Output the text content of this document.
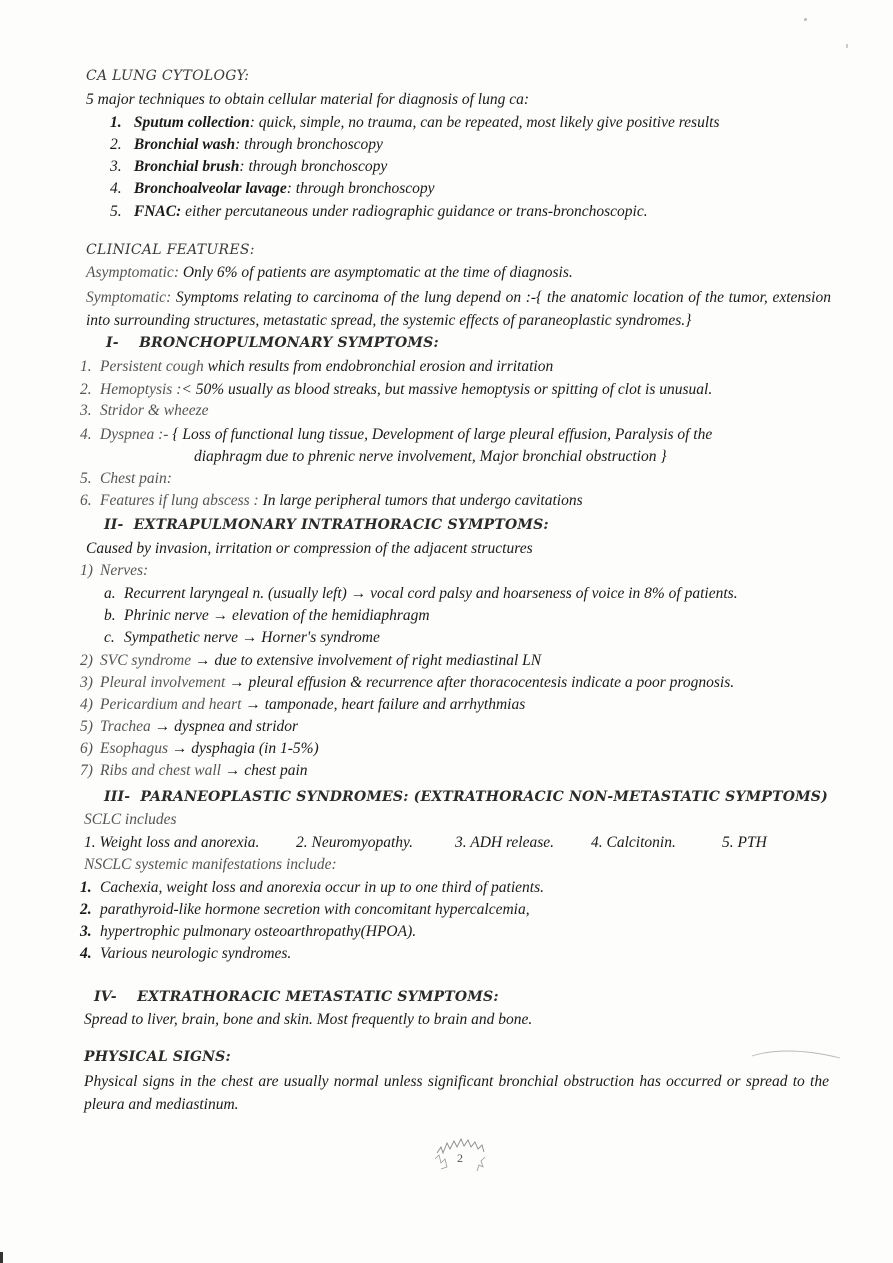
CA LUNG CYTOLOGY:
5 major techniques to obtain cellular material for diagnosis of lung ca:
1. Sputum collection: quick, simple, no trauma, can be repeated, most likely give positive results
2. Bronchial wash: through bronchoscopy
3. Bronchial brush: through bronchoscopy
4. Bronchoalveolar lavage: through bronchoscopy
5. FNAC: either percutaneous under radiographic guidance or trans-bronchoscopic.
CLINICAL FEATURES:
Asymptomatic: Only 6% of patients are asymptomatic at the time of diagnosis.
Symptomatic: Symptoms relating to carcinoma of the lung depend on :-{ the anatomic location of the tumor, extension into surrounding structures, metastatic spread, the systemic effects of paraneoplastic syndromes.}
I- BRONCHOPULMONARY SYMPTOMS:
1. Persistent cough which results from endobronchial erosion and irritation
2. Hemoptysis :< 50% usually as blood streaks, but massive hemoptysis or spitting of clot is unusual.
3. Stridor & wheeze
4. Dyspnea :- { Loss of functional lung tissue, Development of large pleural effusion, Paralysis of the
diaphragm due to phrenic nerve involvement, Major bronchial obstruction }
5. Chest pain:
6. Features if lung abscess : In large peripheral tumors that undergo cavitations
II- EXTRAPULMONARY INTRATHORACIC SYMPTOMS:
Caused by invasion, irritation or compression of the adjacent structures
1) Nerves:
a. Recurrent laryngeal n. (usually left) → vocal cord palsy and hoarseness of voice in 8% of patients.
b. Phrinic nerve → elevation of the hemidiaphragm
c. Sympathetic nerve → Horner's syndrome
2) SVC syndrome → due to extensive involvement of right mediastinal LN
3) Pleural involvement → pleural effusion & recurrence after thoracocentesis indicate a poor prognosis.
4) Pericardium and heart → tamponade, heart failure and arrhythmias
5) Trachea → dyspnea and stridor
6) Esophagus → dysphagia (in 1-5%)
7) Ribs and chest wall → chest pain
III- PARANEOPLASTIC SYNDROMES: (EXTRATHORACIC NON-METASTATIC SYMPTOMS)
SCLC includes
1. Weight loss and anorexia. 2. Neuromyopathy.	3. ADH release. 4. Calcitonin.	5. PTH
NSCLC systemic manifestations include:
1. Cachexia, weight loss and anorexia occur in up to one third of patients.
2. parathyroid-like hormone secretion with concomitant hypercalcemia,
3. hypertrophic pulmonary osteoarthropathy(HPOA).
4. Various neurologic syndromes.
IV- EXTRATHORACIC METASTATIC SYMPTOMS:
Spread to liver, brain, bone and skin. Most frequently to brain and bone.
PHYSICAL SIGNS:
Physical signs in the chest are usually normal unless significant bronchial obstruction has occurred or spread to the pleura and mediastinum.
2
